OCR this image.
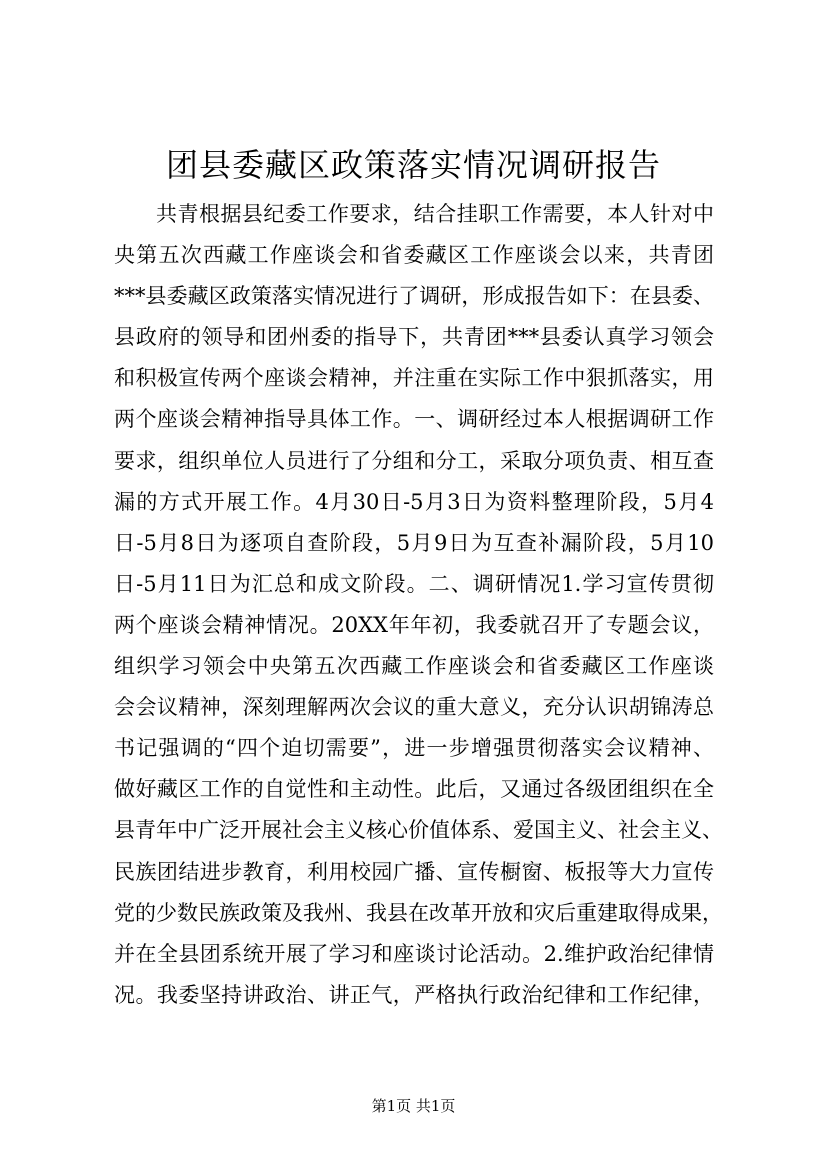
团县委藏区政策落实情况调研报告
共青根据县纪委工作要求，结合挂职工作需要，本人针对中
央第五次西藏工作座谈会和省委藏区工作座谈会以来，共青团
***县委藏区政策落实情况进行了调研，形成报告如下：在县委、
县政府的领导和团州委的指导下，共青团***县委认真学习领会
和积极宣传两个座谈会精神，并注重在实际工作中狠抓落实，用
两个座谈会精神指导具体工作。一、调研经过本人根据调研工作
要求，组织单位人员进行了分组和分工，采取分项负责、相互查
漏的方式开展工作。4月30日-5月3日为资料整理阶段，5月4
日-5月8日为逐项自查阶段，5月9日为互查补漏阶段，5月10
日-5月11日为汇总和成文阶段。二、调研情况1.学习宣传贯彻
两个座谈会精神情况。20XX年年初，我委就召开了专题会议，
组织学习领会中央第五次西藏工作座谈会和省委藏区工作座谈
会会议精神，深刻理解两次会议的重大意义，充分认识胡锦涛总
书记强调的“四个迫切需要”，进一步增强贯彻落实会议精神、
做好藏区工作的自觉性和主动性。此后，又通过各级团组织在全
县青年中广泛开展社会主义核心价值体系、爱国主义、社会主义、
民族团结进步教育，利用校园广播、宣传橱窗、板报等大力宣传
党的少数民族政策及我州、我县在改革开放和灾后重建取得成果，
并在全县团系统开展了学习和座谈讨论活动。2.维护政治纪律情
况。我委坚持讲政治、讲正气，严格执行政治纪律和工作纪律，
第1页 共1页
